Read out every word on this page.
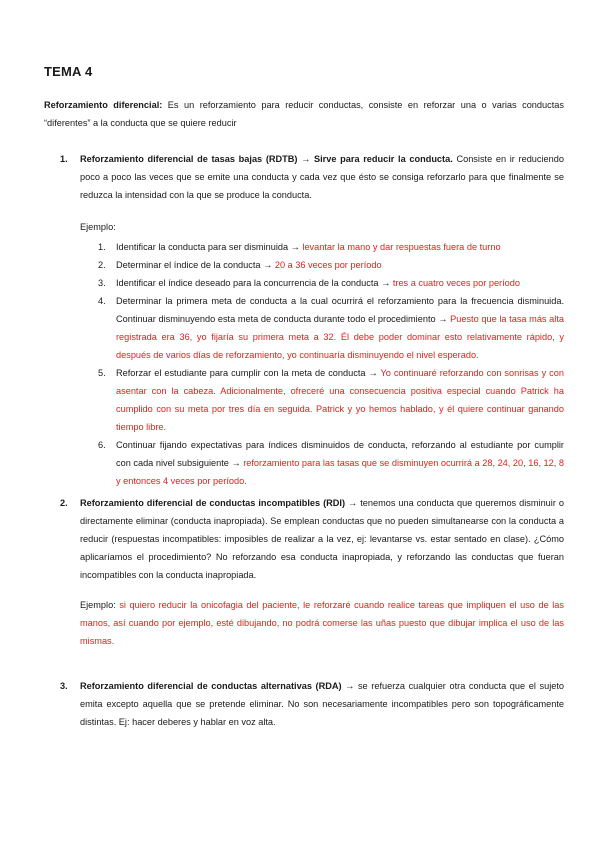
TEMA 4
Reforzamiento diferencial: Es un reforzamiento para reducir conductas, consiste en reforzar una o varias conductas “diferentes” a la conducta que se quiere reducir
1. Reforzamiento diferencial de tasas bajas (RDTB) → Sirve para reducir la conducta. Consiste en ir reduciendo poco a poco las veces que se emite una conducta y cada vez que ésto se consiga reforzarlo para que finalmente se reduzca la intensidad con la que se produce la conducta.
Ejemplo:
1. Identificar la conducta para ser disminuida → levantar la mano y dar respuestas fuera de turno
2. Determinar el índice de la conducta → 20 a 36 veces por período
3. Identificar el índice deseado para la concurrencia de la conducta → tres a cuatro veces por período
4. Determinar la primera meta de conducta a la cual ocurrirá el reforzamiento para la frecuencia disminuida. Continuar disminuyendo esta meta de conducta durante todo el procedimiento → Puesto que la tasa más alta registrada era 36, yo fijaría su primera meta a 32. Él debe poder dominar esto relativamente rápido, y después de varios días de reforzamiento, yo continuaría disminuyendo el nivel esperado.
5. Reforzar el estudiante para cumplir con la meta de conducta → Yo continuaré reforzando con sonrisas y con asentar con la cabeza. Adicionalmente, ofreceré una consecuencia positiva especial cuando Patrick ha cumplido con su meta por tres día en seguida. Patrick y yo hemos hablado, y él quiere continuar ganando tiempo libre.
6. Continuar fijando expectativas para índices disminuidos de conducta, reforzando al estudiante por cumplir con cada nivel subsiguiente → reforzamiento para las tasas que se disminuyen ocurrirá a 28, 24, 20, 16, 12, 8 y entonces 4 veces por período.
2. Reforzamiento diferencial de conductas incompatibles (RDI) → tenemos una conducta que queremos disminuir o directamente eliminar (conducta inapropiada). Se emplean conductas que no pueden simultanearse con la conducta a reducir (respuestas incompatibles: imposibles de realizar a la vez, ej: levantarse vs. estar sentado en clase). ¿Cómo aplicaríamos el procedimiento? No reforzando esa conducta inapropiada, y reforzando las conductas que fueran incompatibles con la conducta inapropiada.
Ejemplo: si quiero reducir la onicofagia del paciente, le reforzaré cuando realice tareas que impliquen el uso de las manos, así cuando por ejemplo, esté dibujando, no podrá comerse las uñas puesto que dibujar implica el uso de las mismas.
3. Reforzamiento diferencial de conductas alternativas (RDA) → se refuerza cualquier otra conducta que el sujeto emita excepto aquella que se pretende eliminar. No son necesariamente incompatibles pero son topográficamente distintas. Ej: hacer deberes y hablar en voz alta.
